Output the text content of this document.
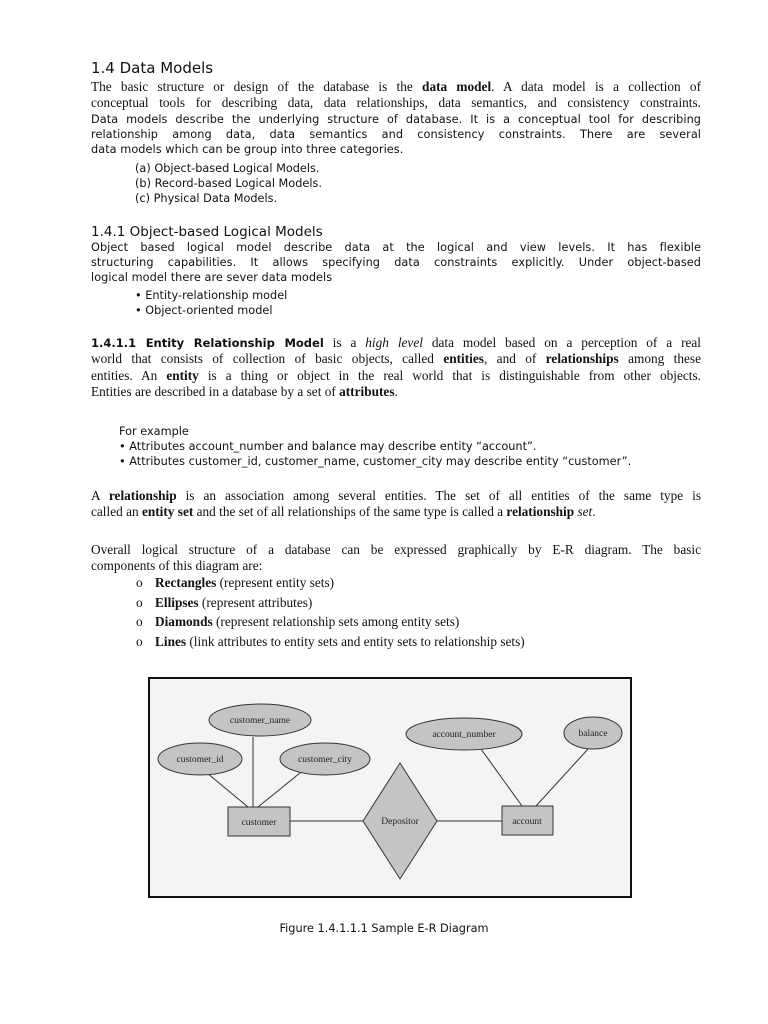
1.4 Data Models
The basic structure or design of the database is the data model. A data model is a collection of
conceptual tools for describing data, data relationships, data semantics, and consistency constraints.
Data models describe the underlying structure of database. It is a conceptual tool for describing
relationship among data, data semantics and consistency constraints. There are several
data models which can be group into three categories.
(a) Object-based Logical Models.
(b) Record-based Logical Models.
(c) Physical Data Models.
1.4.1 Object-based Logical Models
Object based logical model describe data at the logical and view levels. It has flexible
structuring capabilities. It allows specifying data constraints explicitly. Under object-based
logical model there are sever data models
• Entity-relationship model
• Object-oriented model
1.4.1.1 Entity Relationship Model is a high level data model based on a perception of a real
world that consists of collection of basic objects, called entities, and of relationships among these
entities. An entity is a thing or object in the real world that is distinguishable from other objects.
Entities are described in a database by a set of attributes.
For example
• Attributes account_number and balance may describe entity “account”.
• Attributes customer_id, customer_name, customer_city may describe entity “customer”.
A relationship is an association among several entities. The set of all entities of the same type is
called an entity set and the set of all relationships of the same type is called a relationship set.
Overall logical structure of a database can be expressed graphically by E-R diagram. The basic
components of this diagram are:
o Rectangles (represent entity sets)
o Ellipses (represent attributes)
o Diamonds (represent relationship sets among entity sets)
o Lines (link attributes to entity sets and entity sets to relationship sets)
customer_name
customer_id	customer_city
account_number	balance
customer	account
Depositor
Figure 1.4.1.1.1 Sample E-R Diagram
